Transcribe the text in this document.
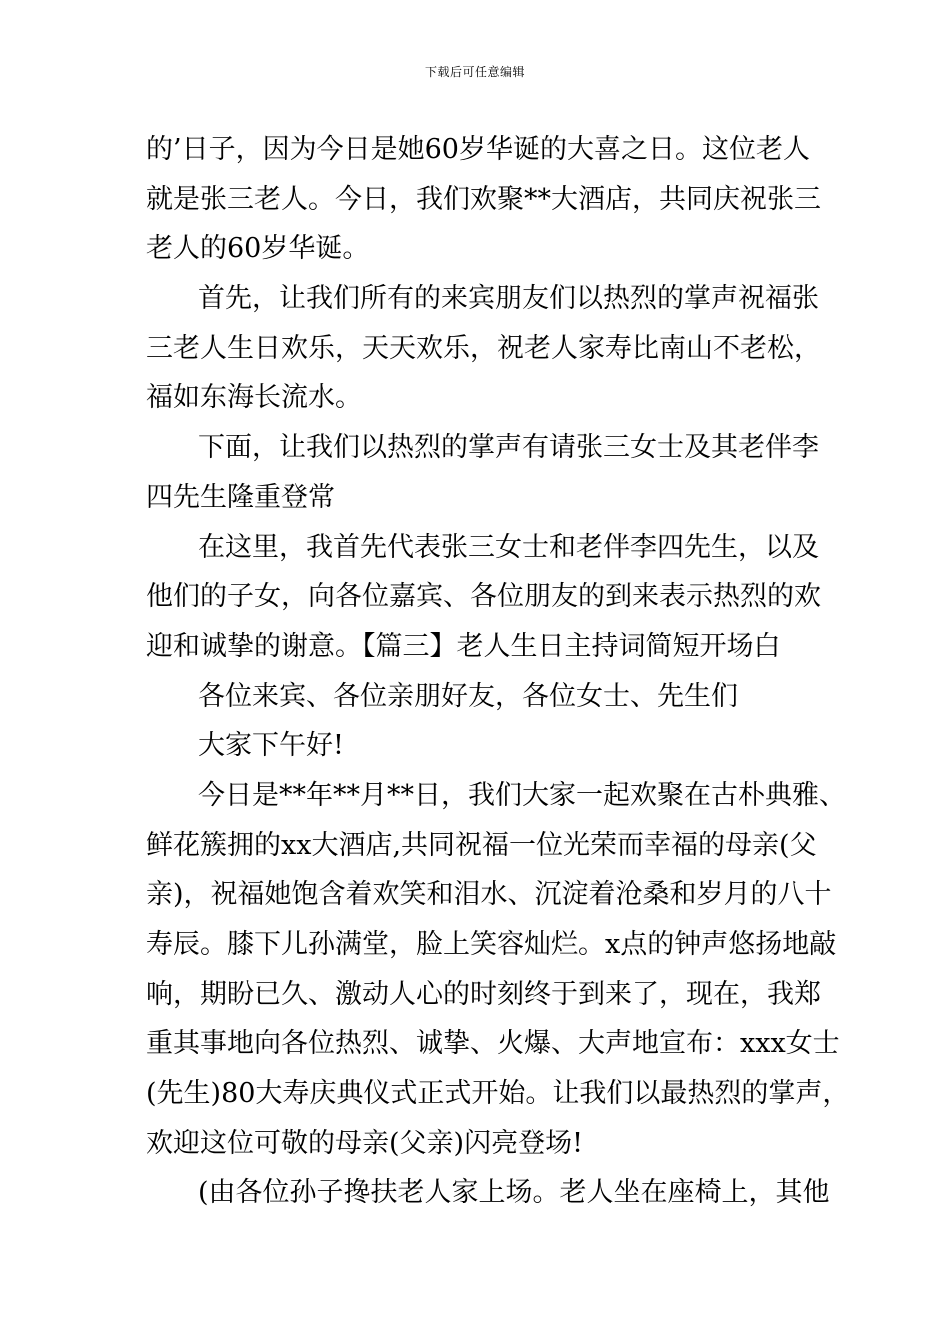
下载后可任意编辑
的’日子，因为今日是她60岁华诞的大喜之日。这位老人
就是张三老人。今日，我们欢聚**大酒店，共同庆祝张三
老人的60岁华诞。
首先，让我们所有的来宾朋友们以热烈的掌声祝福张
三老人生日欢乐，天天欢乐，祝老人家寿比南山不老松，
福如东海长流水。
下面，让我们以热烈的掌声有请张三女士及其老伴李
四先生隆重登常
在这里，我首先代表张三女士和老伴李四先生，以及
他们的子女，向各位嘉宾、各位朋友的到来表示热烈的欢
迎和诚挚的谢意。【篇三】老人生日主持词简短开场白
各位来宾、各位亲朋好友，各位女士、先生们
大家下午好!
今日是**年**月**日，我们大家一起欢聚在古朴典雅、
鲜花簇拥的xx大酒店,共同祝福一位光荣而幸福的母亲(父
亲)，祝福她饱含着欢笑和泪水、沉淀着沧桑和岁月的八十
寿辰。膝下儿孙满堂，脸上笑容灿烂。x点的钟声悠扬地敲
响，期盼已久、激动人心的时刻终于到来了，现在，我郑
重其事地向各位热烈、诚挚、火爆、大声地宣布：xxx女士
(先生)80大寿庆典仪式正式开始。让我们以最热烈的掌声，
欢迎这位可敬的母亲(父亲)闪亮登场!
(由各位孙子搀扶老人家上场。老人坐在座椅上，其他
